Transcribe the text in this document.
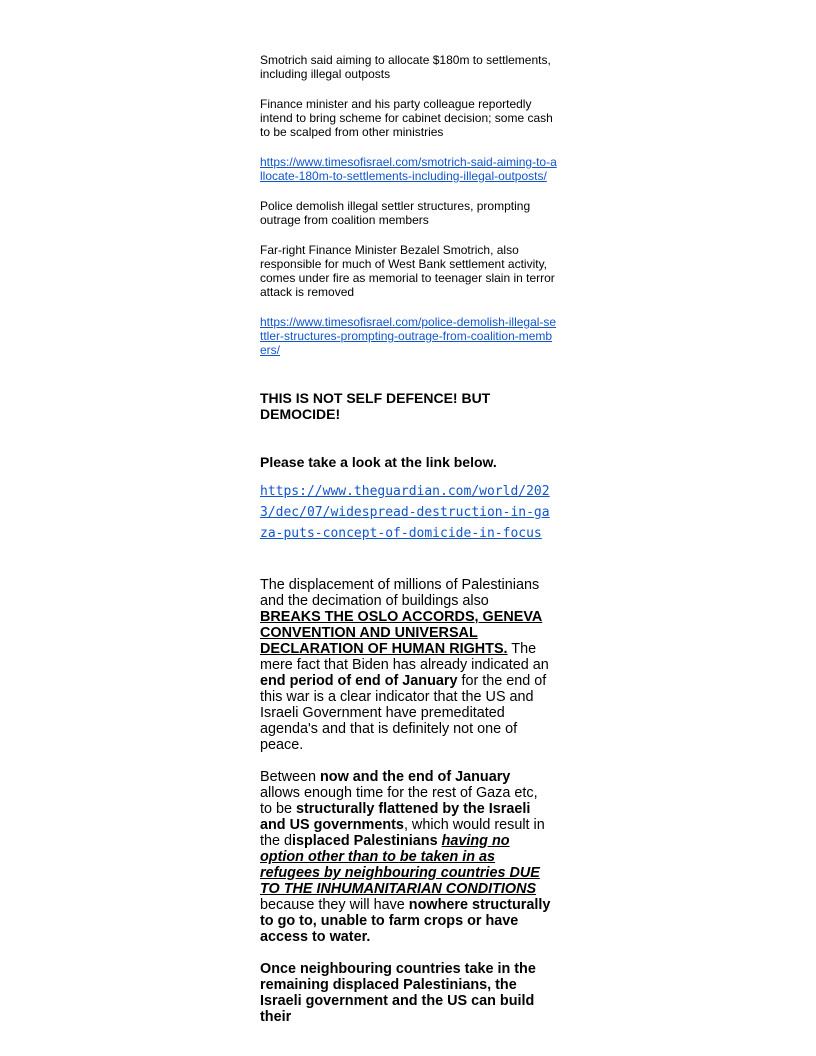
Smotrich said aiming to allocate $180m to settlements, including illegal outposts

Finance minister and his party colleague reportedly intend to bring scheme for cabinet decision; some cash to be scalped from other ministries

https://www.timesofisrael.com/smotrich-said-aiming-to-allocate-180m-to-settlements-including-illegal-outposts/

Police demolish illegal settler structures, prompting outrage from coalition members

Far-right Finance Minister Bezalel Smotrich, also responsible for much of West Bank settlement activity, comes under fire as memorial to teenager slain in terror attack is removed

https://www.timesofisrael.com/police-demolish-illegal-settler-structures-prompting-outrage-from-coalition-members/

THIS IS NOT SELF DEFENCE! BUT DEMOCIDE!

Please take a look at the link below.

https://www.theguardian.com/world/2023/dec/07/widespread-destruction-in-gaza-puts-concept-of-domicide-in-focus

The displacement of millions of Palestinians and the decimation of buildings also BREAKS THE OSLO ACCORDS, GENEVA CONVENTION AND UNIVERSAL DECLARATION OF HUMAN RIGHTS. The mere fact that Biden has already indicated an end period of end of January for the end of this war is a clear indicator that the US and Israeli Government have premeditated agenda's and that is definitely not one of peace.

Between now and the end of January allows enough time for the rest of Gaza etc, to be structurally flattened by the Israeli and US governments, which would result in the displaced Palestinians having no option other than to be taken in as refugees by neighbouring countries DUE TO THE INHUMANITARIAN CONDITIONS because they will have nowhere structurally to go to, unable to farm crops or have access to water.

Once neighbouring countries take in the remaining displaced Palestinians, the Israeli government and the US can build their
